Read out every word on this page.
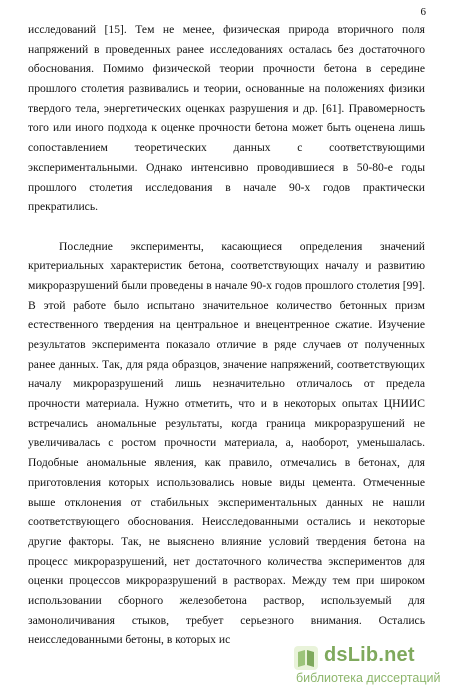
6
исследований [15]. Тем не менее, физическая природа вторичного поля
напряжений в проведенных ранее исследованиях осталась без достаточного
обоснования. Помимо физической теории прочности бетона в середине
прошлого столетия развивались и теории, основанные на положениях физики
твердого тела, энергетических оценках разрушения и др. [61]. Правомерность
того или иного подхода к оценке прочности бетона может быть оценена лишь
сопоставлением теоретических данных с соответствующими
экспериментальными. Однако интенсивно проводившиеся в 50-80-е годы
прошлого столетия исследования в начале 90-х годов практически
прекратились.
Последние эксперименты, касающиеся определения значений
критериальных характеристик бетона, соответствующих началу и развитию
микроразрушений были проведены в начале 90-х годов прошлого столетия [99].
В этой работе было испытано значительное количество бетонных призм
естественного твердения на центральное и внецентренное сжатие. Изучение
результатов эксперимента показало отличие в ряде случаев от полученных
ранее данных. Так, для ряда образцов, значение напряжений, соответствующих
началу микроразрушений лишь незначительно отличалось от предела
прочности материала. Нужно отметить, что и в некоторых опытах ЦНИИС
встречались аномальные результаты, когда граница микроразрушений не
увеличивалась с ростом прочности материала, а, наоборот, уменьшалась.
Подобные аномальные явления, как правило, отмечались в бетонах, для
приготовления которых использовались новые виды цемента. Отмеченные
выше отклонения от стабильных экспериментальных данных не нашли
соответствующего обоснования. Неисследованными остались и некоторые
другие факторы. Так, не выяснено влияние условий твердения бетона на
процесс микроразрушений, нет достаточного количества экспериментов для
оценки процессов микроразрушений в растворах. Между тем при широком
использовании сборного железобетона раствор, используемый для
замоноличивания стыков, требует серьезного внимания. Остались
неисследованными бетоны, в которых ис
dsLib.net
библиотека диссертаций
